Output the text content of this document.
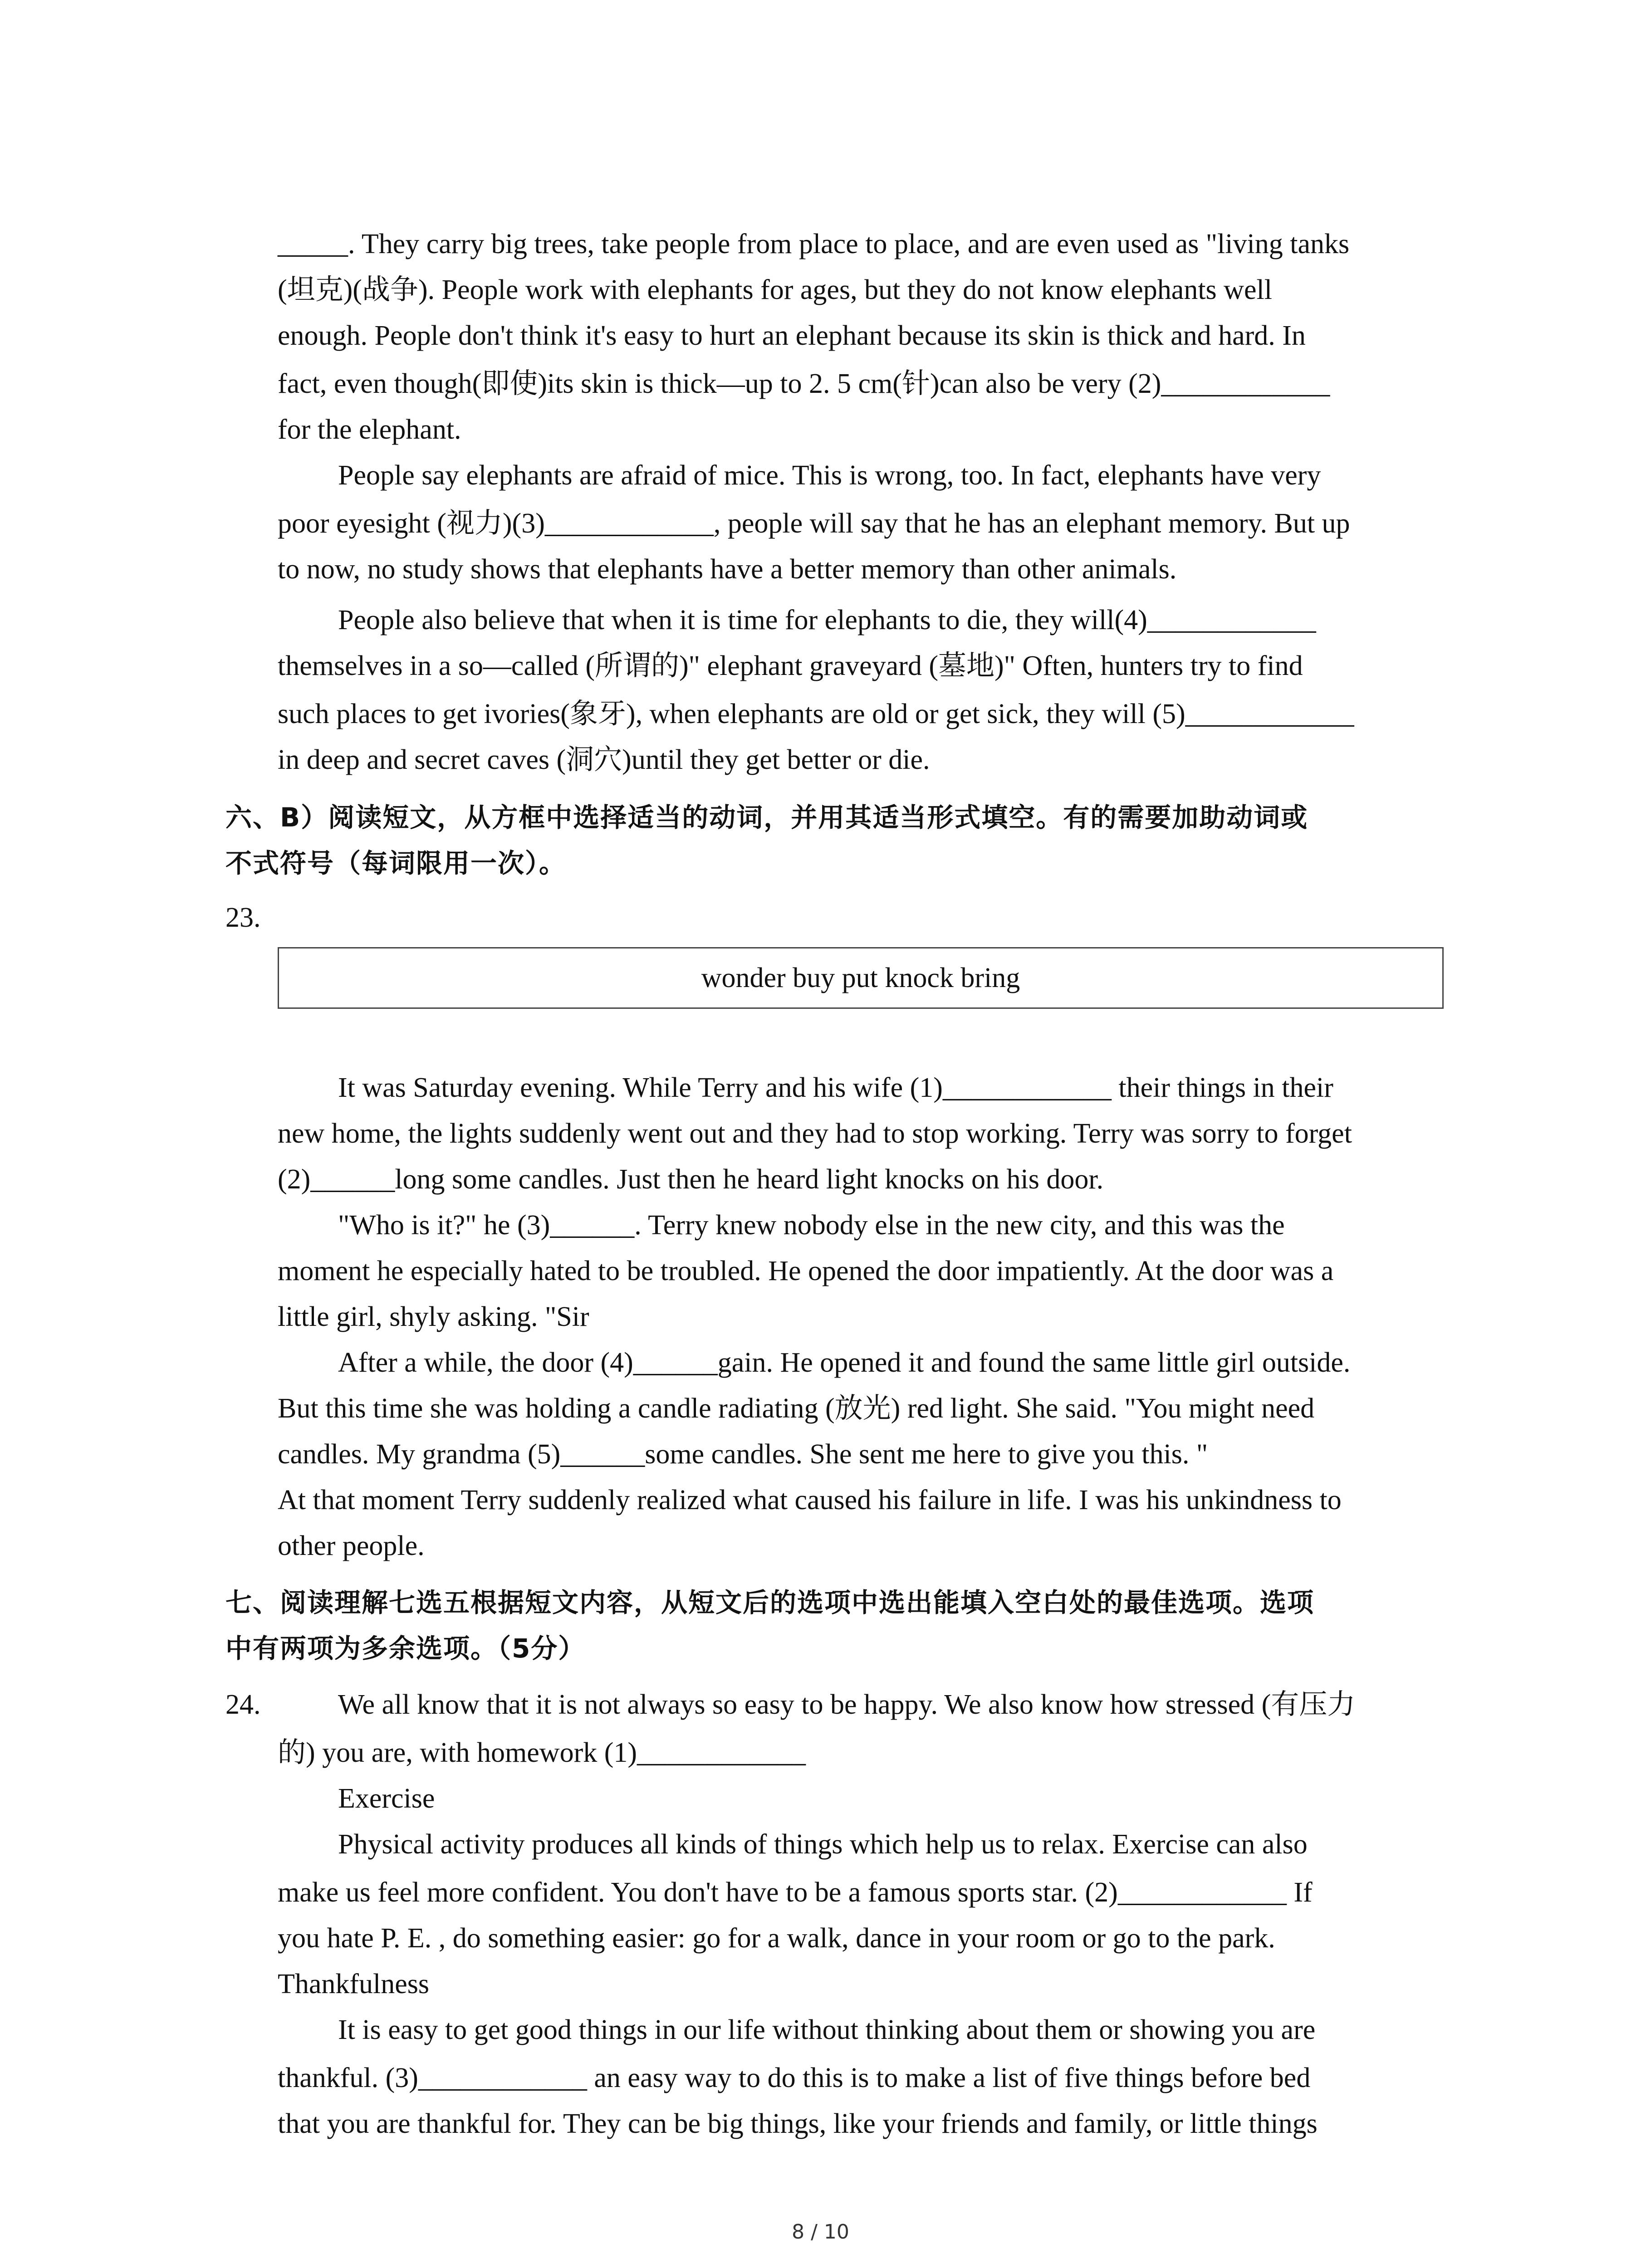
_____. They carry big trees, take people from place to place, and are even used as "living tanks
(坦克)(战争). People work with elephants for ages, but they do not know elephants well
enough. People don't think it's easy to hurt an elephant because its skin is thick and hard. In
fact, even though(即使)its skin is thick—up to 2. 5 cm(针)can also be very (2)____________
for the elephant.
People say elephants are afraid of mice. This is wrong, too. In fact, elephants have very
poor eyesight (视力)(3)____________, people will say that he has an elephant memory. But up
to now, no study shows that elephants have a better memory than other animals.
People also believe that when it is time for elephants to die, they will(4)____________
themselves in a so—called (所谓的)" elephant graveyard (墓地)" Often, hunters try to find
such places to get ivories(象牙), when elephants are old or get sick, they will (5)____________
in deep and secret caves (洞穴)until they get better or die.
六、B）阅读短文，从方框中选择适当的动词，并用其适当形式填空。有的需要加助动词或
不式符号（每词限用一次）。
23.
wonder buy put knock bring
It was Saturday evening. While Terry and his wife (1)____________ their things in their
new home, the lights suddenly went out and they had to stop working. Terry was sorry to forget
(2)______long some candles. Just then he heard light knocks on his door.
"Who is it?" he (3)______. Terry knew nobody else in the new city, and this was the
moment he especially hated to be troubled. He opened the door impatiently. At the door was a
little girl, shyly asking. "Sir
After a while, the door (4)______gain. He opened it and found the same little girl outside.
But this time she was holding a candle radiating (放光) red light. She said. "You might need
candles. My grandma (5)______some candles. She sent me here to give you this. "
At that moment Terry suddenly realized what caused his failure in life. I was his unkindness to
other people.
七、阅读理解七选五根据短文内容，从短文后的选项中选出能填入空白处的最佳选项。选项
中有两项为多余选项。（5分）
24.	We all know that it is not always so easy to be happy. We also know how stressed (有压力
的) you are, with homework (1)____________
Exercise
Physical activity produces all kinds of things which help us to relax. Exercise can also
make us feel more confident. You don't have to be a famous sports star. (2)____________ If
you hate P. E. , do something easier: go for a walk, dance in your room or go to the park.
Thankfulness
It is easy to get good things in our life without thinking about them or showing you are
thankful. (3)____________ an easy way to do this is to make a list of five things before bed
that you are thankful for. They can be big things, like your friends and family, or little things
8 / 10
